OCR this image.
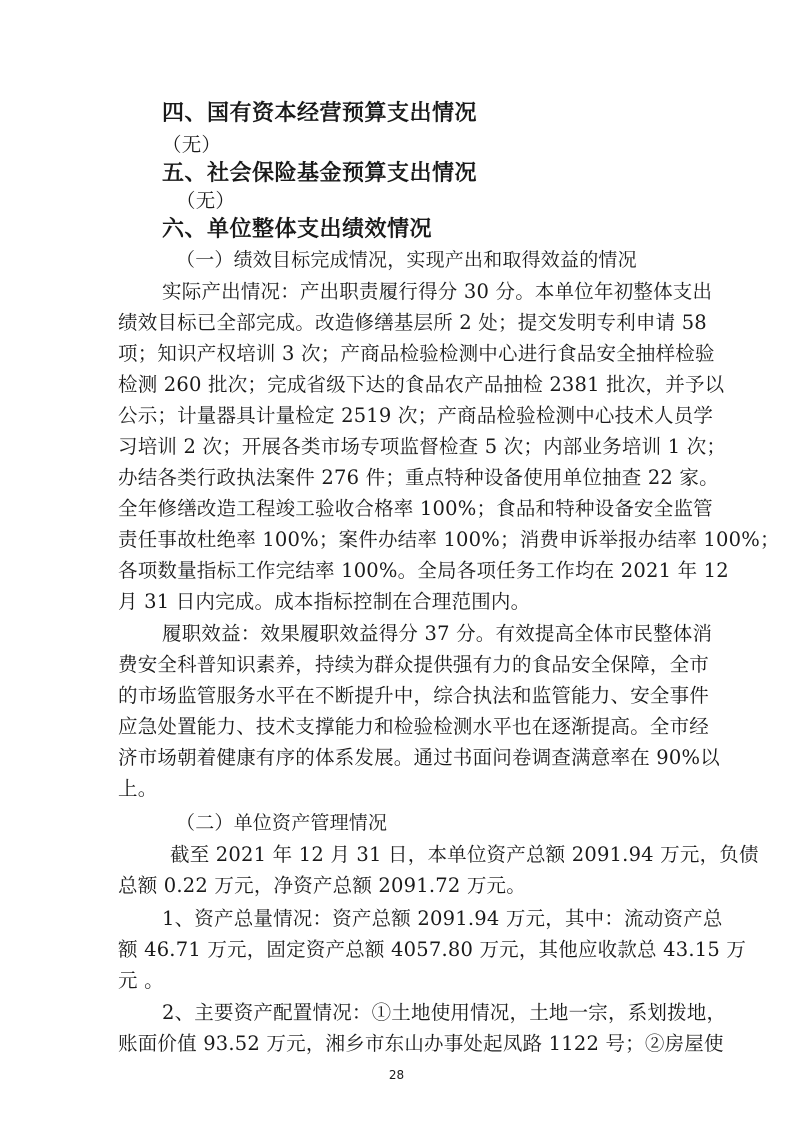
四、国有资本经营预算支出情况
（无）
五、社会保险基金预算支出情况
（无）
六、单位整体支出绩效情况
（一）绩效目标完成情况，实现产出和取得效益的情况
实际产出情况：产出职责履行得分 30 分。本单位年初整体支出
绩效目标已全部完成。改造修缮基层所 2 处；提交发明专利申请 58
项；知识产权培训 3 次；产商品检验检测中心进行食品安全抽样检验
检测 260 批次；完成省级下达的食品农产品抽检 2381 批次，并予以
公示；计量器具计量检定 2519 次；产商品检验检测中心技术人员学
习培训 2 次；开展各类市场专项监督检查 5 次；内部业务培训 1 次；
办结各类行政执法案件 276 件；重点特种设备使用单位抽查 22 家。
全年修缮改造工程竣工验收合格率 100%；食品和特种设备安全监管
责任事故杜绝率 100%；案件办结率 100%；消费申诉举报办结率 100%；
各项数量指标工作完结率 100%。全局各项任务工作均在 2021 年 12
月 31 日内完成。成本指标控制在合理范围内。
履职效益：效果履职效益得分 37 分。有效提高全体市民整体消
费安全科普知识素养，持续为群众提供强有力的食品安全保障，全市
的市场监管服务水平在不断提升中，综合执法和监管能力、安全事件
应急处置能力、技术支撑能力和检验检测水平也在逐渐提高。全市经
济市场朝着健康有序的体系发展。通过书面问卷调查满意率在 90%以
上。
（二）单位资产管理情况
截至 2021 年 12 月 31 日，本单位资产总额 2091.94 万元，负债
总额 0.22 万元，净资产总额 2091.72 万元。
1、资产总量情况：资产总额 2091.94 万元，其中：流动资产总
额 46.71 万元，固定资产总额 4057.80 万元，其他应收款总 43.15 万
元 。
2、主要资产配置情况：①土地使用情况，土地一宗，系划拨地，
账面价值 93.52 万元，湘乡市东山办事处起凤路 1122 号；②房屋使
28
